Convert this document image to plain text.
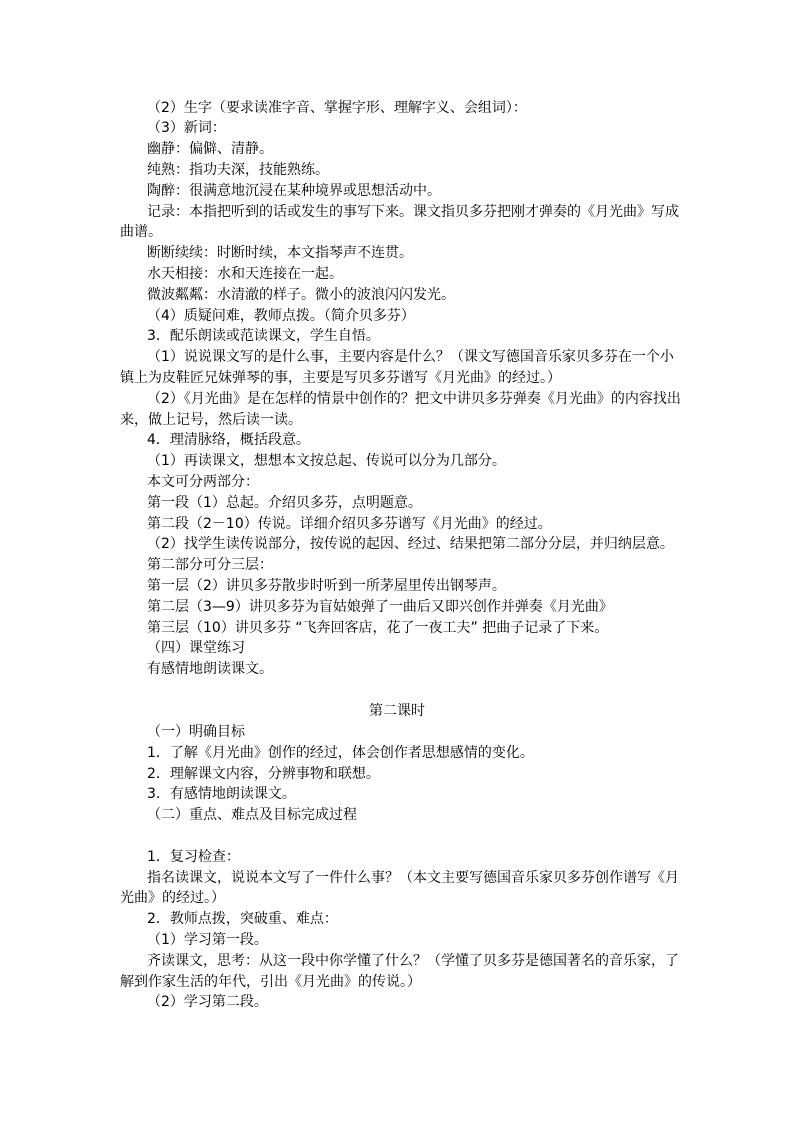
（2）生字（要求读准字音、掌握字形、理解字义、会组词）：

（3）新词：

幽静：偏僻、清静。

纯熟：指功夫深，技能熟练。

陶醉：很满意地沉浸在某种境界或思想活动中。

记录：本指把听到的话或发生的事写下来。课文指贝多芬把刚才弹奏的《月光曲》写成

曲谱。

断断续续：时断时续，本文指琴声不连贯。

水天相接：水和天连接在一起。

微波粼粼：水清澈的样子。微小的波浪闪闪发光。

（4）质疑问难，教师点拨。（简介贝多芬）

3．配乐朗读或范读课文，学生自悟。

（1）说说课文写的是什么事，主要内容是什么？（课文写德国音乐家贝多芬在一个小

镇上为皮鞋匠兄妹弹琴的事，主要是写贝多芬谱写《月光曲》的经过。）

（2）《月光曲》是在怎样的情景中创作的？把文中讲贝多芬弹奏《月光曲》的内容找出

来，做上记号，然后读一读。

4．理清脉络，概括段意。

（1）再读课文，想想本文按总起、传说可以分为几部分。

本文可分两部分：

第一段（1）总起。介绍贝多芬，点明题意。

第二段（2－10）传说。详细介绍贝多芬谱写《月光曲》的经过。

（2）找学生读传说部分，按传说的起因、经过、结果把第二部分分层，并归纳层意。

第二部分可分三层：

第一层（2）讲贝多芬散步时听到一所茅屋里传出钢琴声。

第二层（3—9）讲贝多芬为盲姑娘弹了一曲后又即兴创作并弹奏《月光曲》

第三层（10）讲贝多芬 “飞奔回客店，花了一夜工夫” 把曲子记录了下来。

（四）课堂练习

有感情地朗读课文。

第二课时

（一）明确目标

1．了解《月光曲》创作的经过，体会创作者思想感情的变化。

2．理解课文内容，分辨事物和联想。

3．有感情地朗读课文。

（二）重点、难点及目标完成过程

1．复习检查：

指名读课文，说说本文写了一件什么事？（本文主要写德国音乐家贝多芬创作谱写《月

光曲》的经过。）

2．教师点拨，突破重、难点：

（1）学习第一段。

齐读课文，思考：从这一段中你学懂了什么？（学懂了贝多芬是德国著名的音乐家，了

解到作家生活的年代，引出《月光曲》的传说。）

（2）学习第二段。
